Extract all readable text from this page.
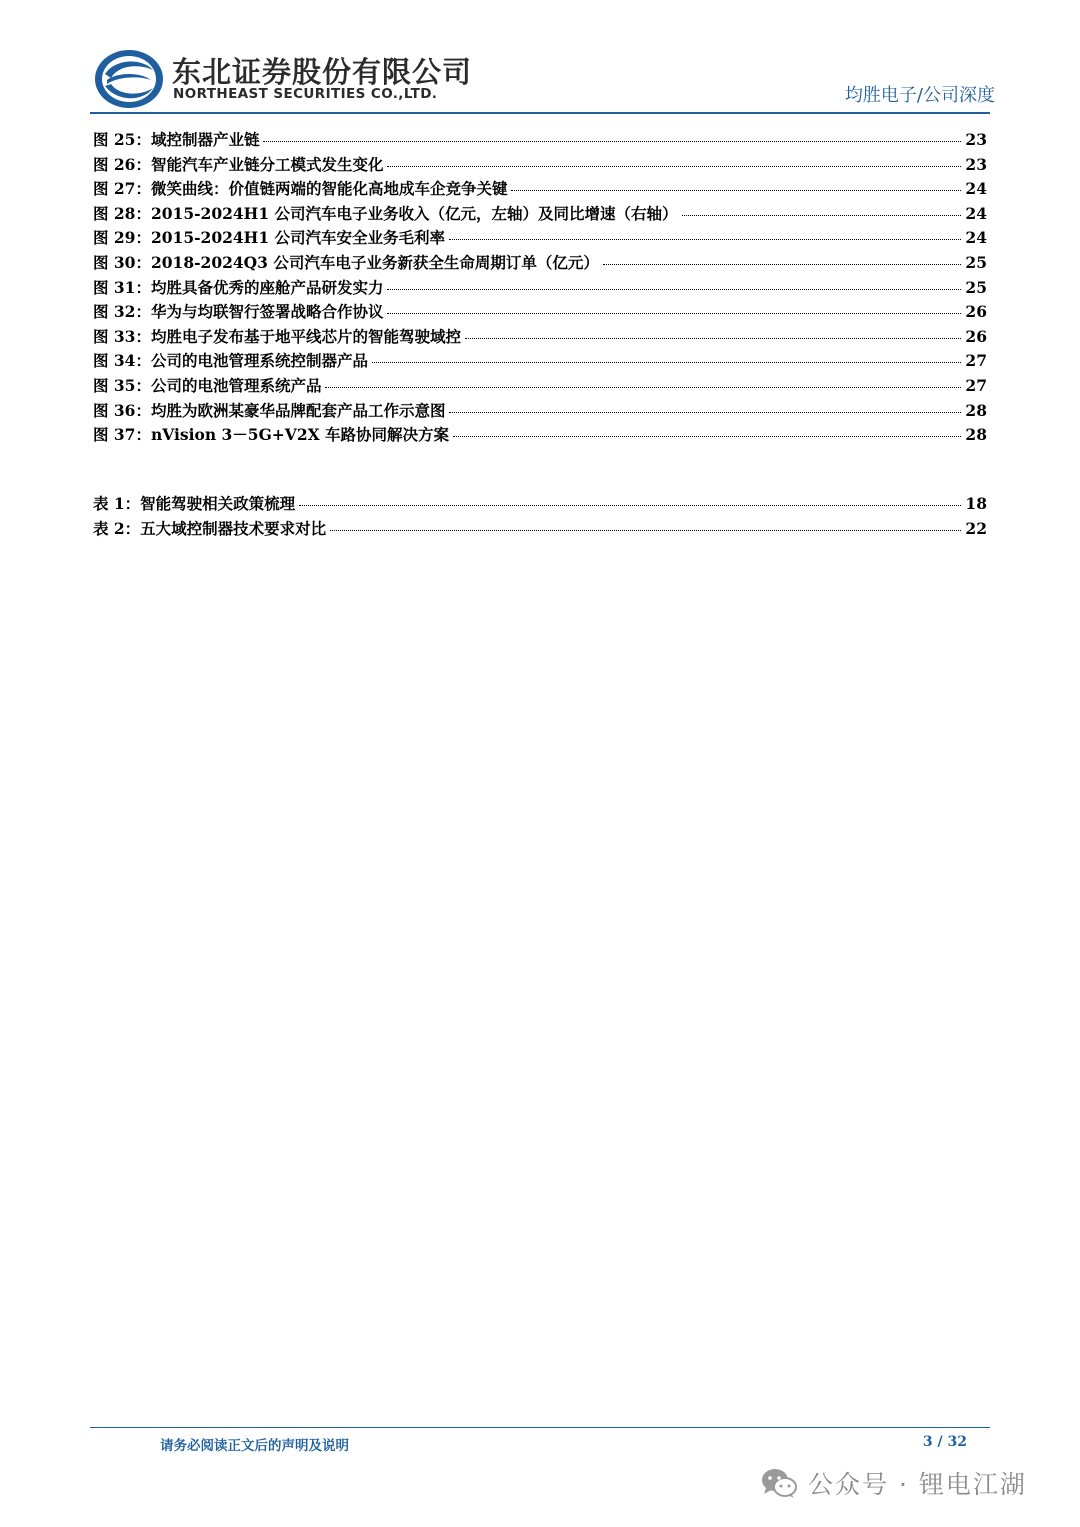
东北证券股份有限公司
NORTHEAST SECURITIES CO.,LTD.	均胜电子/公司深度
图 25：域控制器产业链	23
图 26：智能汽车产业链分工模式发生变化	23
图 27：微笑曲线：价值链两端的智能化高地成车企竞争关键	24
图 28：2015-2024H1 公司汽车电子业务收入（亿元，左轴）及同比增速（右轴）	24
图 29：2015-2024H1 公司汽车安全业务毛利率	24
图 30：2018-2024Q3 公司汽车电子业务新获全生命周期订单（亿元）	25
图 31：均胜具备优秀的座舱产品研发实力	25
图 32：华为与均联智行签署战略合作协议	26
图 33：均胜电子发布基于地平线芯片的智能驾驶域控	26
图 34：公司的电池管理系统控制器产品	27
图 35：公司的电池管理系统产品	27
图 36：均胜为欧洲某豪华品牌配套产品工作示意图	28
图 37：nVision 3－5G+V2X 车路协同解决方案	28
表 1：智能驾驶相关政策梳理	18
表 2：五大域控制器技术要求对比	22
请务必阅读正文后的声明及说明	3 / 32
公众号 · 锂电江湖
